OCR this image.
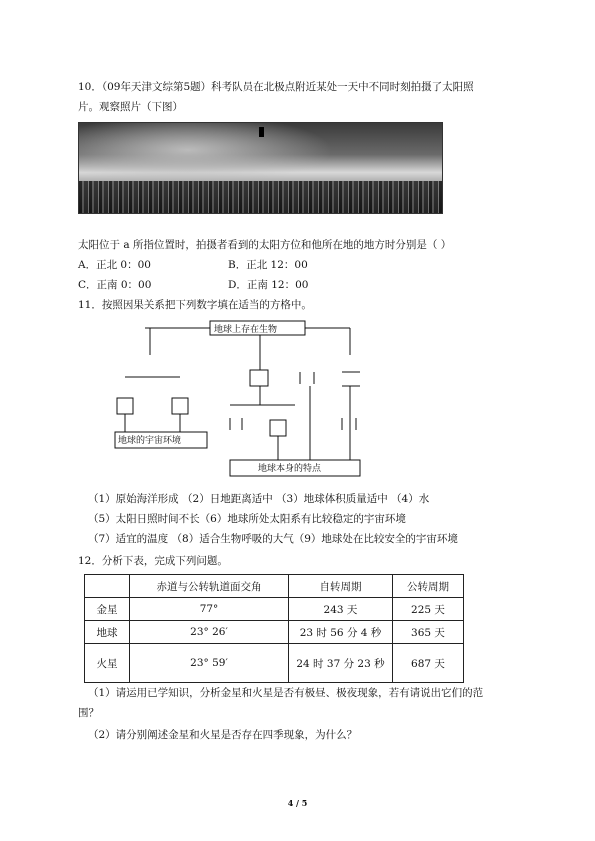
10．（09年天津文综第5题）科考队员在北极点附近某处一天中不同时刻拍摄了太阳照
片。观察照片（下图）
太阳位于 a 所指位置时，拍摄者看到的太阳方位和他所在地的地方时分别是（ ）
A．正北 0：00	B．正北 12：00
C．正南 0：00	D．正南 12：00
11．按照因果关系把下列数字填在适当的方格中。
地球上存在生物
地球的宇宙环境
地球本身的特点
（1）原始海洋形成 （2）日地距离适中 （3）地球体积质量适中 （4）水
（5）太阳日照时间不长（6）地球所处太阳系有比较稳定的宇宙环境
（7）适宜的温度 （8）适合生物呼吸的大气（9）地球处在比较安全的宇宙环境
12．分析下表，完成下列问题。
	赤道与公转轨道面交角	自转周期	公转周期
金星	77°	243 天	225 天
地球	23° 26′	23 时 56 分 4 秒	365 天
火星	23° 59′	24 时 37 分 23 秒	687 天
（1）请运用已学知识，分析金星和火星是否有极昼、极夜现象，若有请说出它们的范
围？
（2）请分别阐述金星和火星是否存在四季现象，为什么？
4 / 5
